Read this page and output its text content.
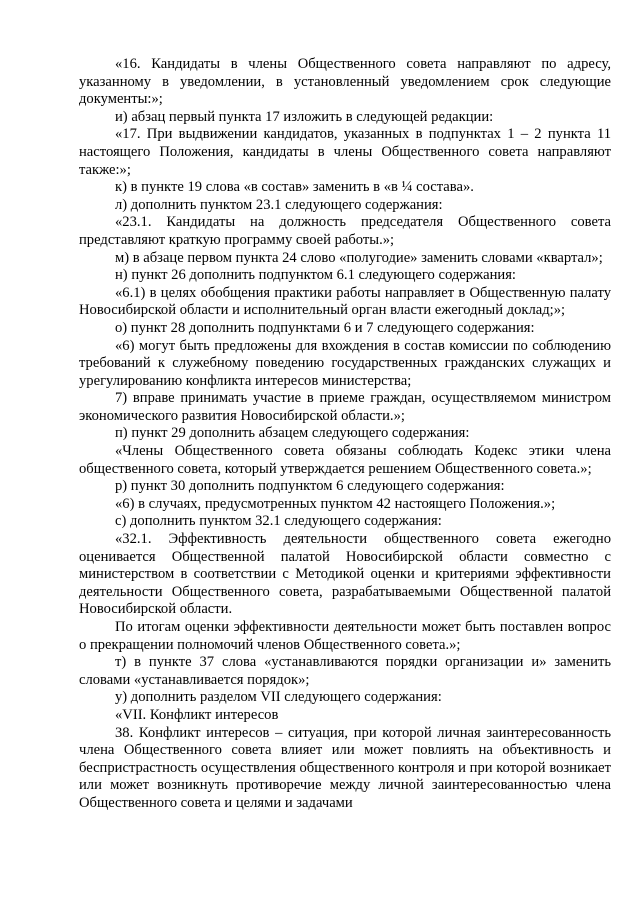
«16. Кандидаты в члены Общественного совета направляют по адресу, указанному в уведомлении, в установленный уведомлением срок следующие документы:»;

и) абзац первый пункта 17 изложить в следующей редакции:

«17. При выдвижении кандидатов, указанных в подпунктах 1 – 2 пункта 11 настоящего Положения, кандидаты в члены Общественного совета направляют также:»;

к) в пункте 19 слова «в состав» заменить в «в ¼ состава».

л) дополнить пунктом 23.1 следующего содержания:

«23.1. Кандидаты на должность председателя Общественного совета представляют краткую программу своей работы.»;

м) в абзаце первом пункта 24 слово «полугодие» заменить словами «квартал»;

н) пункт 26 дополнить подпунктом 6.1 следующего содержания:

«6.1) в целях обобщения практики работы направляет в Общественную палату Новосибирской области и исполнительный орган власти ежегодный доклад;»;

о) пункт 28 дополнить подпунктами 6 и 7 следующего содержания:

«6) могут быть предложены для вхождения в состав комиссии по соблюдению требований к служебному поведению государственных гражданских служащих и урегулированию конфликта интересов министерства;

7) вправе принимать участие в приеме граждан, осуществляемом министром экономического развития Новосибирской области.»;

п) пункт 29 дополнить абзацем следующего содержания:

«Члены Общественного совета обязаны соблюдать Кодекс этики члена общественного совета, который утверждается решением Общественного совета.»;

р) пункт 30 дополнить подпунктом 6 следующего содержания:

«6) в случаях, предусмотренных пунктом 42 настоящего Положения.»;

с) дополнить пунктом 32.1 следующего содержания:

«32.1. Эффективность деятельности общественного совета ежегодно оценивается Общественной палатой Новосибирской области совместно с министерством в соответствии с Методикой оценки и критериями эффективности деятельности Общественного совета, разрабатываемыми Общественной палатой Новосибирской области.

По итогам оценки эффективности деятельности может быть поставлен вопрос о прекращении полномочий членов Общественного совета.»;

т) в пункте 37 слова «устанавливаются порядки организации и» заменить словами «устанавливается порядок»;

у) дополнить разделом VII следующего содержания:

«VII. Конфликт интересов

38. Конфликт интересов – ситуация, при которой личная заинтересованность члена Общественного совета влияет или может повлиять на объективность и беспристрастность осуществления общественного контроля и при которой возникает или может возникнуть противоречие между личной заинтересованностью члена Общественного совета и целями и задачами
